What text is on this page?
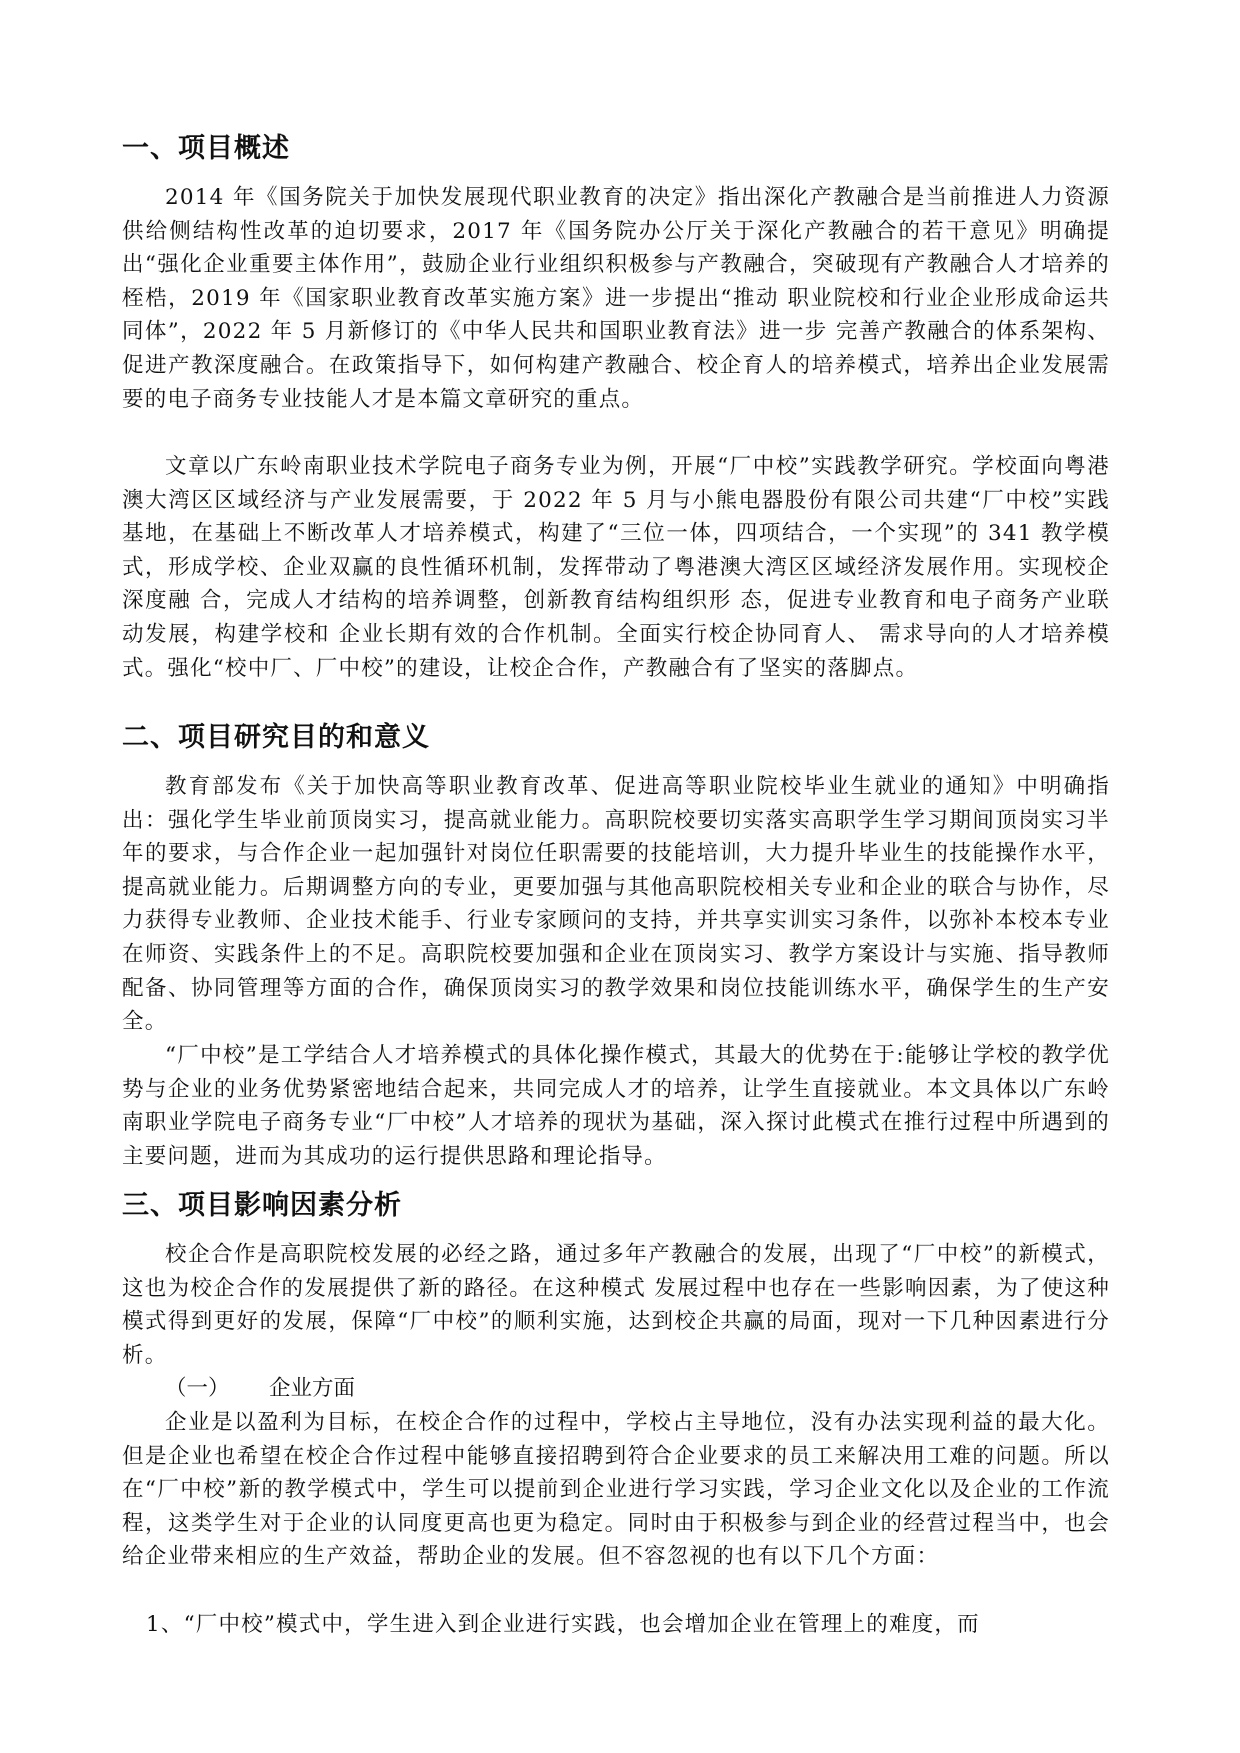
一、项目概述

2014 年《国务院关于加快发展现代职业教育的决定》指出深化产教融合是当前推进人力资源供给侧结构性改革的迫切要求，2017 年《国务院办公厅关于深化产教融合的若干意见》明确提出“强化企业重要主体作用”，鼓励企业行业组织积极参与产教融合，突破现有产教融合人才培养的桎梏，2019 年《国家职业教育改革实施方案》进一步提出“推动 职业院校和行业企业形成命运共同体”，2022 年 5 月新修订的《中华人民共和国职业教育法》进一步 完善产教融合的体系架构、促进产教深度融合。在政策指导下，如何构建产教融合、校企育人的培养模式，培养出企业发展需要的电子商务专业技能人才是本篇文章研究的重点。

文章以广东岭南职业技术学院电子商务专业为例，开展“厂中校”实践教学研究。学校面向粤港澳大湾区区域经济与产业发展需要，于 2022 年 5 月与小熊电器股份有限公司共建“厂中校”实践基地，在基础上不断改革人才培养模式，构建了“三位一体，四项结合，一个实现”的 341 教学模式，形成学校、企业双赢的良性循环机制，发挥带动了粤港澳大湾区区域经济发展作用。实现校企深度融 合，完成人才结构的培养调整，创新教育结构组织形 态，促进专业教育和电子商务产业联动发展，构建学校和 企业长期有效的合作机制。全面实行校企协同育人、 需求导向的人才培养模式。强化“校中厂、厂中校”的建设，让校企合作，产教融合有了坚实的落脚点。

二、项目研究目的和意义

教育部发布《关于加快高等职业教育改革、促进高等职业院校毕业生就业的通知》中明确指出：强化学生毕业前顶岗实习，提高就业能力。高职院校要切实落实高职学生学习期间顶岗实习半年的要求，与合作企业一起加强针对岗位任职需要的技能培训，大力提升毕业生的技能操作水平，提高就业能力。后期调整方向的专业，更要加强与其他高职院校相关专业和企业的联合与协作，尽力获得专业教师、企业技术能手、行业专家顾问的支持，并共享实训实习条件，以弥补本校本专业在师资、实践条件上的不足。高职院校要加强和企业在顶岗实习、教学方案设计与实施、指导教师配备、协同管理等方面的合作，确保顶岗实习的教学效果和岗位技能训练水平，确保学生的生产安全。

“厂中校”是工学结合人才培养模式的具体化操作模式，其最大的优势在于:能够让学校的教学优势与企业的业务优势紧密地结合起来，共同完成人才的培养，让学生直接就业。本文具体以广东岭南职业学院电子商务专业“厂中校”人才培养的现状为基础，深入探讨此模式在推行过程中所遇到的主要问题，进而为其成功的运行提供思路和理论指导。

三、项目影响因素分析

校企合作是高职院校发展的必经之路，通过多年产教融合的发展，出现了“厂中校”的新模式，这也为校企合作的发展提供了新的路径。在这种模式 发展过程中也存在一些影响因素，为了使这种模式得到更好的发展，保障“厂中校”的顺利实施，达到校企共赢的局面，现对一下几种因素进行分析。

（一） 企业方面

企业是以盈利为目标，在校企合作的过程中，学校占主导地位，没有办法实现利益的最大化。但是企业也希望在校企合作过程中能够直接招聘到符合企业要求的员工来解决用工难的问题。所以在“厂中校”新的教学模式中，学生可以提前到企业进行学习实践，学习企业文化以及企业的工作流程，这类学生对于企业的认同度更高也更为稳定。同时由于积极参与到企业的经营过程当中，也会给企业带来相应的生产效益，帮助企业的发展。但不容忽视的也有以下几个方面：

1、“厂中校”模式中，学生进入到企业进行实践，也会增加企业在管理上的难度，而
